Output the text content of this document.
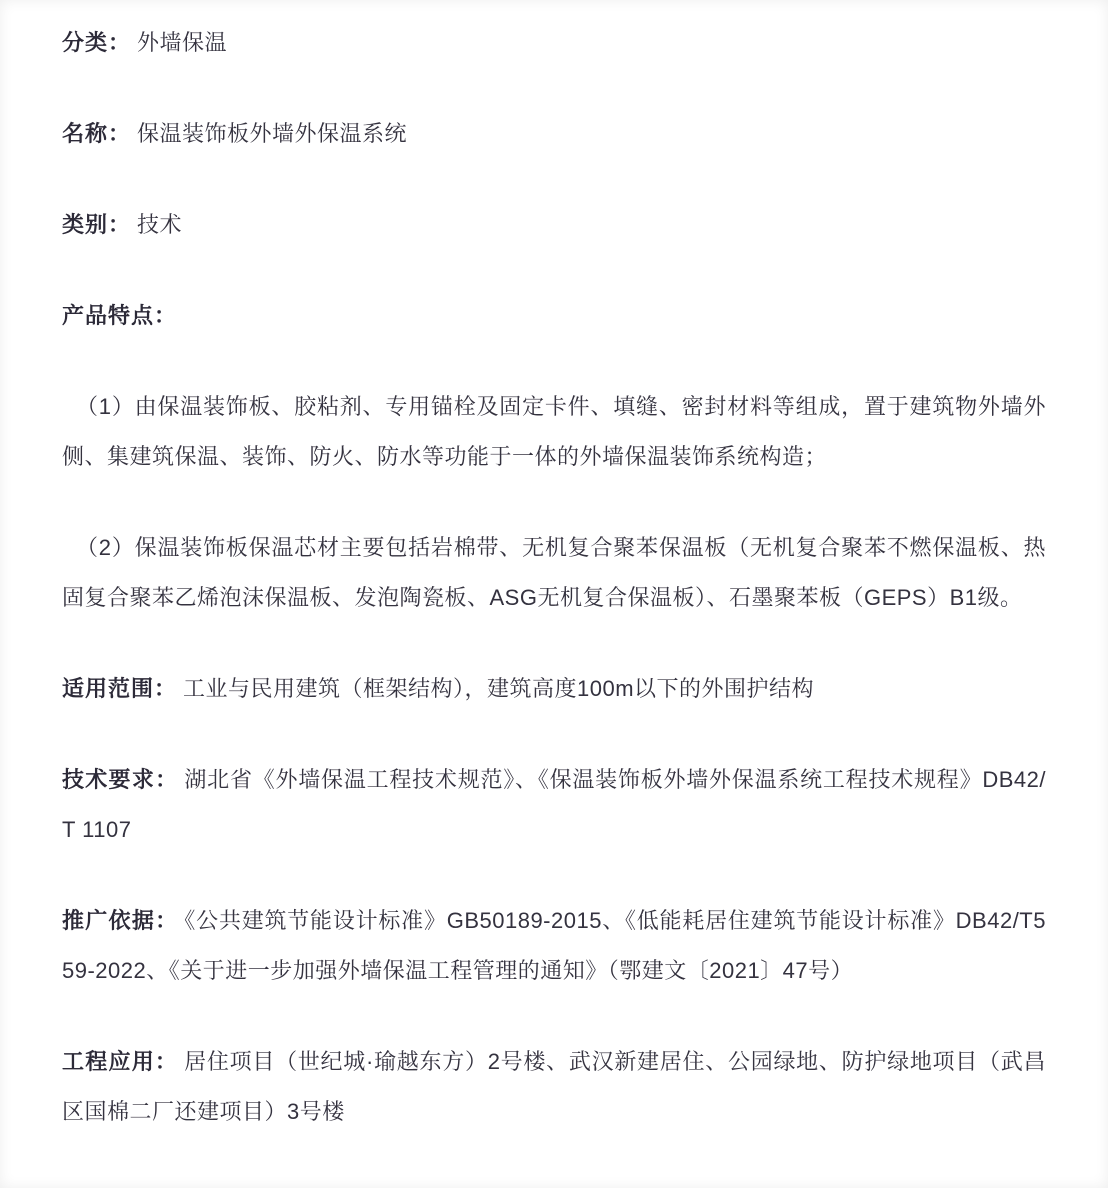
分类： 外墙保温

名称： 保温装饰板外墙外保温系统

类别： 技术

产品特点：

（1）由保温装饰板、胶粘剂、专用锚栓及固定卡件、填缝、密封材料等组成，置于建筑物外墙外侧、集建筑保温、装饰、防火、防水等功能于一体的外墙保温装饰系统构造；

（2）保温装饰板保温芯材主要包括岩棉带、无机复合聚苯保温板（无机复合聚苯不燃保温板、热固复合聚苯乙烯泡沫保温板、发泡陶瓷板、ASG无机复合保温板）、石墨聚苯板（GEPS）B1级。

适用范围： 工业与民用建筑（框架结构），建筑高度100m以下的外围护结构

技术要求： 湖北省《外墙保温工程技术规范》、《保温装饰板外墙外保温系统工程技术规程》DB42/T 1107

推广依据： 《公共建筑节能设计标准》GB50189-2015、《低能耗居住建筑节能设计标准》DB42/T559-2022、《关于进一步加强外墙保温工程管理的通知》（鄂建文〔2021〕47号）

工程应用： 居住项目（世纪城·瑜越东方）2号楼、武汉新建居住、公园绿地、防护绿地项目（武昌区国棉二厂还建项目）3号楼
